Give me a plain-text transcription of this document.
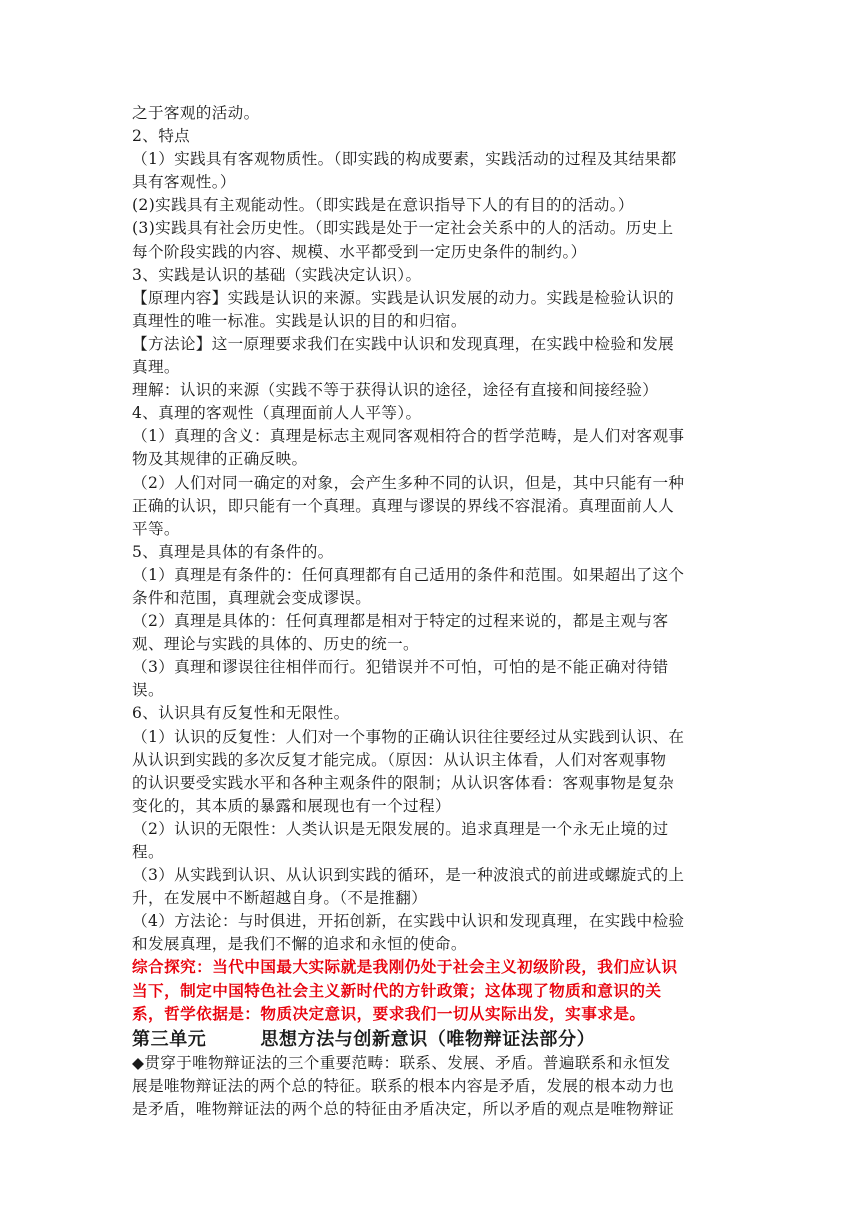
之于客观的活动。
2、特点
（1）实践具有客观物质性。（即实践的构成要素，实践活动的过程及其结果都
具有客观性。）
(2)实践具有主观能动性。（即实践是在意识指导下人的有目的的活动。）
(3)实践具有社会历史性。（即实践是处于一定社会关系中的人的活动。历史上
每个阶段实践的内容、规模、水平都受到一定历史条件的制约。）
3、实践是认识的基础（实践决定认识）。
【原理内容】实践是认识的来源。实践是认识发展的动力。实践是检验认识的
真理性的唯一标准。实践是认识的目的和归宿。
【方法论】这一原理要求我们在实践中认识和发现真理，在实践中检验和发展
真理。
理解：认识的来源（实践不等于获得认识的途径，途径有直接和间接经验）
4、真理的客观性（真理面前人人平等）。
（1）真理的含义：真理是标志主观同客观相符合的哲学范畴，是人们对客观事
物及其规律的正确反映。
（2）人们对同一确定的对象，会产生多种不同的认识，但是，其中只能有一种
正确的认识，即只能有一个真理。真理与谬误的界线不容混淆。真理面前人人
平等。
5、真理是具体的有条件的。
（1）真理是有条件的：任何真理都有自己适用的条件和范围。如果超出了这个
条件和范围，真理就会变成谬误。
（2）真理是具体的：任何真理都是相对于特定的过程来说的，都是主观与客
观、理论与实践的具体的、历史的统一。
（3）真理和谬误往往相伴而行。犯错误并不可怕，可怕的是不能正确对待错
误。
6、认识具有反复性和无限性。
（1）认识的反复性：人们对一个事物的正确认识往往要经过从实践到认识、在
从认识到实践的多次反复才能完成。（原因：从认识主体看，人们对客观事物
的认识要受实践水平和各种主观条件的限制；从认识客体看：客观事物是复杂
变化的，其本质的暴露和展现也有一个过程）
（2）认识的无限性：人类认识是无限发展的。追求真理是一个永无止境的过
程。
（3）从实践到认识、从认识到实践的循环，是一种波浪式的前进或螺旋式的上
升，在发展中不断超越自身。（不是推翻）
（4）方法论：与时俱进，开拓创新，在实践中认识和发现真理，在实践中检验
和发展真理，是我们不懈的追求和永恒的使命。
综合探究：当代中国最大实际就是我刚仍处于社会主义初级阶段，我们应认识
当下，制定中国特色社会主义新时代的方针政策；这体现了物质和意识的关
系，哲学依据是：物质决定意识，要求我们一切从实际出发，实事求是。
第三单元	思想方法与创新意识（唯物辩证法部分）
◆贯穿于唯物辩证法的三个重要范畴：联系、发展、矛盾。普遍联系和永恒发
展是唯物辩证法的两个总的特征。联系的根本内容是矛盾，发展的根本动力也
是矛盾，唯物辩证法的两个总的特征由矛盾决定，所以矛盾的观点是唯物辩证
